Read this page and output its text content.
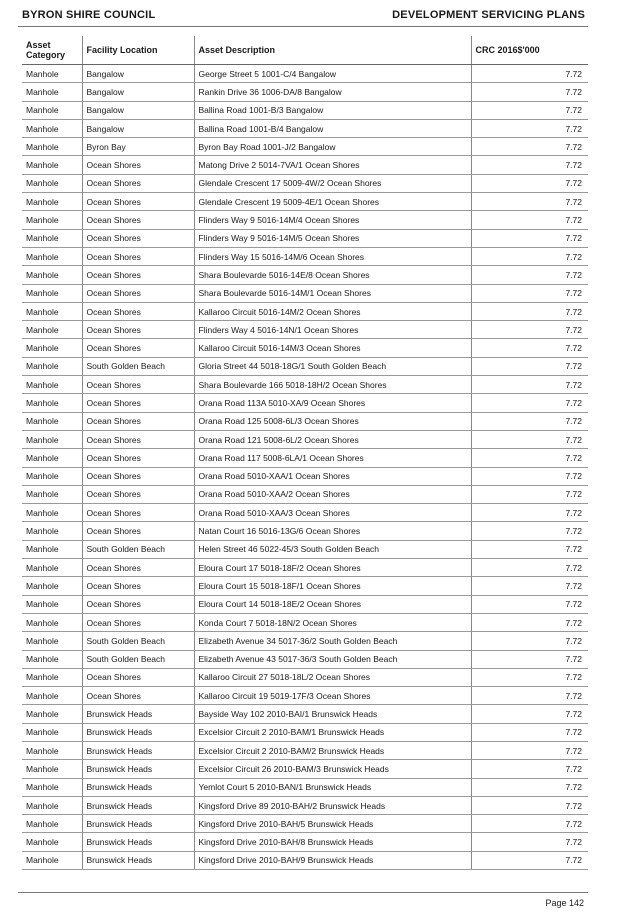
BYRON SHIRE COUNCIL	DEVELOPMENT SERVICING PLANS
Asset Category	Facility Location	Asset Description	CRC 2016$'000
Manhole	Bangalow	George Street 5 1001-C/4 Bangalow	7.72
Manhole	Bangalow	Rankin Drive 36 1006-DA/8 Bangalow	7.72
Manhole	Bangalow	Ballina Road 1001-B/3 Bangalow	7.72
Manhole	Bangalow	Ballina Road 1001-B/4 Bangalow	7.72
Manhole	Byron Bay	Byron Bay Road 1001-J/2 Bangalow	7.72
Manhole	Ocean Shores	Matong Drive 2 5014-7VA/1 Ocean Shores	7.72
Manhole	Ocean Shores	Glendale Crescent 17 5009-4W/2 Ocean Shores	7.72
Manhole	Ocean Shores	Glendale Crescent 19 5009-4E/1 Ocean Shores	7.72
Manhole	Ocean Shores	Flinders Way 9 5016-14M/4 Ocean Shores	7.72
Manhole	Ocean Shores	Flinders Way 9 5016-14M/5 Ocean Shores	7.72
Manhole	Ocean Shores	Flinders Way 15 5016-14M/6 Ocean Shores	7.72
Manhole	Ocean Shores	Shara Boulevarde 5016-14E/8 Ocean Shores	7.72
Manhole	Ocean Shores	Shara Boulevarde 5016-14M/1 Ocean Shores	7.72
Manhole	Ocean Shores	Kallaroo Circuit 5016-14M/2 Ocean Shores	7.72
Manhole	Ocean Shores	Flinders Way 4 5016-14N/1 Ocean Shores	7.72
Manhole	Ocean Shores	Kallaroo Circuit 5016-14M/3 Ocean Shores	7.72
Manhole	South Golden Beach	Gloria Street 44 5018-18G/1 South Golden Beach	7.72
Manhole	Ocean Shores	Shara Boulevarde 166 5018-18H/2 Ocean Shores	7.72
Manhole	Ocean Shores	Orana Road 113A 5010-XA/9 Ocean Shores	7.72
Manhole	Ocean Shores	Orana Road 125 5008-6L/3 Ocean Shores	7.72
Manhole	Ocean Shores	Orana Road 121 5008-6L/2 Ocean Shores	7.72
Manhole	Ocean Shores	Orana Road 117 5008-6LA/1 Ocean Shores	7.72
Manhole	Ocean Shores	Orana Road 5010-XAA/1 Ocean Shores	7.72
Manhole	Ocean Shores	Orana Road 5010-XAA/2 Ocean Shores	7.72
Manhole	Ocean Shores	Orana Road 5010-XAA/3 Ocean Shores	7.72
Manhole	Ocean Shores	Natan Court 16 5016-13G/6 Ocean Shores	7.72
Manhole	South Golden Beach	Helen Street 46 5022-45/3 South Golden Beach	7.72
Manhole	Ocean Shores	Eloura Court 17 5018-18F/2 Ocean Shores	7.72
Manhole	Ocean Shores	Eloura Court 15 5018-18F/1 Ocean Shores	7.72
Manhole	Ocean Shores	Eloura Court 14 5018-18E/2 Ocean Shores	7.72
Manhole	Ocean Shores	Konda Court 7 5018-18N/2 Ocean Shores	7.72
Manhole	South Golden Beach	Elizabeth Avenue 34 5017-36/2 South Golden Beach	7.72
Manhole	South Golden Beach	Elizabeth Avenue 43 5017-36/3 South Golden Beach	7.72
Manhole	Ocean Shores	Kallaroo Circuit 27 5018-18L/2 Ocean Shores	7.72
Manhole	Ocean Shores	Kallaroo Circuit 19 5019-17F/3 Ocean Shores	7.72
Manhole	Brunswick Heads	Bayside Way 102 2010-BAI/1 Brunswick Heads	7.72
Manhole	Brunswick Heads	Excelsior Circuit 2 2010-BAM/1 Brunswick Heads	7.72
Manhole	Brunswick Heads	Excelsior Circuit 2 2010-BAM/2 Brunswick Heads	7.72
Manhole	Brunswick Heads	Excelsior Circuit 26 2010-BAM/3 Brunswick Heads	7.72
Manhole	Brunswick Heads	Yemlot Court 5 2010-BAN/1 Brunswick Heads	7.72
Manhole	Brunswick Heads	Kingsford Drive 89 2010-BAH/2 Brunswick Heads	7.72
Manhole	Brunswick Heads	Kingsford Drive 2010-BAH/5 Brunswick Heads	7.72
Manhole	Brunswick Heads	Kingsford Drive 2010-BAH/8 Brunswick Heads	7.72
Manhole	Brunswick Heads	Kingsford Drive 2010-BAH/9 Brunswick Heads	7.72
Page 142
